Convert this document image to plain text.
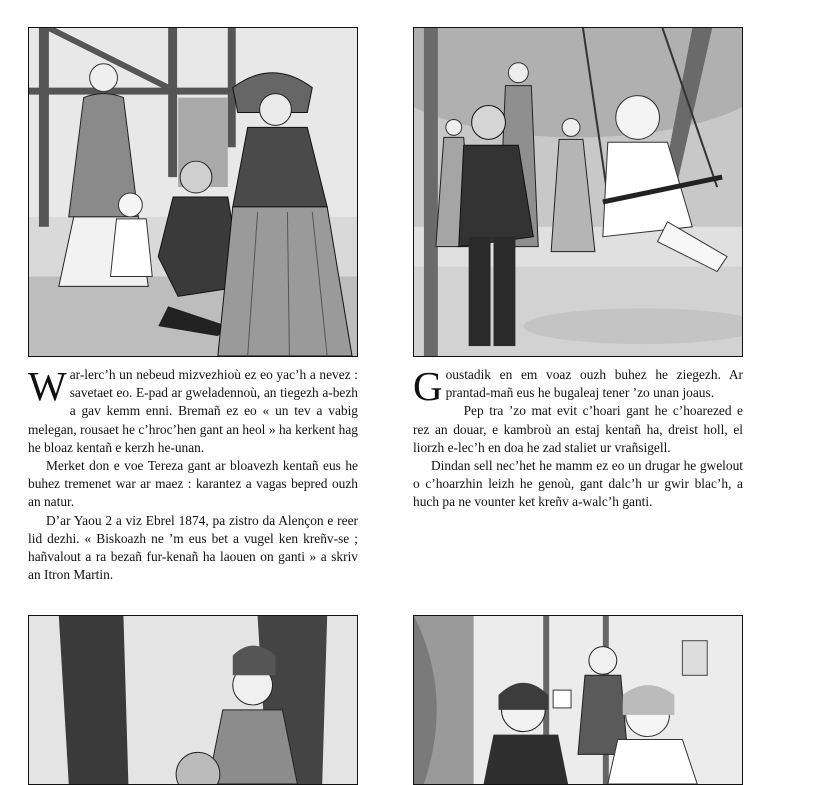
War-lerc’h un nebeud mizvezhioù ez eo yac’h a nevez : savetaet eo. E-pad ar gweladennoù, an tiegezh a-bezh a gav kemm enni. Bremañ ez eo « un tev a vabig melegan, rousaet he c’hroc’hen gant an heol » ha kerkent hag he bloaz kentañ e kerzh he-unan.

Merket don e voe Tereza gant ar bloavezh kentañ eus he buhez tremenet war ar maez : karantez a vagas bepred ouzh an natur.

D’ar Yaou 2 a viz Ebrel 1874, pa zistro da Alençon e reer lid dezhi. « Biskoazh ne ’m eus bet a vugel ken kreñv-se ; hañvalout a ra bezañ fur-kenañ ha laouen on ganti » a skriv an Itron Martin.

Goustadik en em voaz ouzh buhez he ziegezh. Ar prantad-mañ eus he bugaleaj tener ’zo unan joaus.

Pep tra ’zo mat evit c’hoari gant he c’hoarezed e rez an douar, e kambroù an estaj kentañ ha, dreist holl, el liorzh e-lec’h en doa he zad staliet ur vrañsigell.

Dindan sell nec’het he mamm ez eo un drugar he gwelout o c’hoarzhin leizh he genoù, gant dalc’h ur gwir blac’h, a huch pa ne vounter ket kreñv a-walc’h ganti.
